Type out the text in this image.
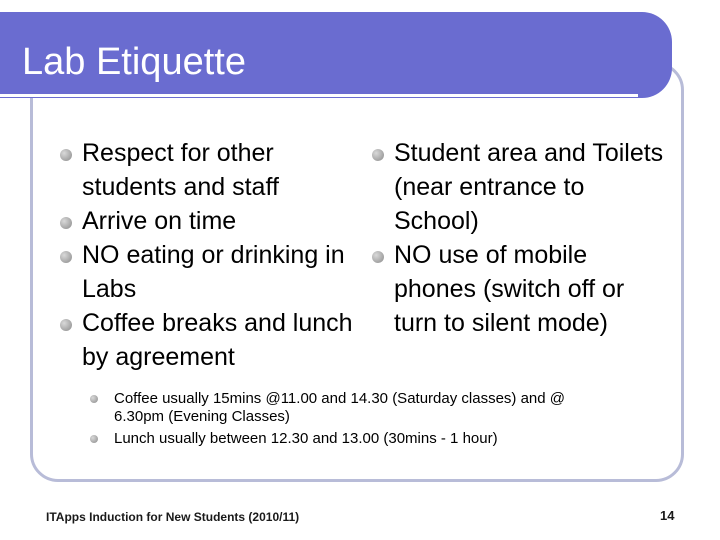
Lab Etiquette
Respect for other students and staff
Arrive on time
NO eating or drinking in Labs
Coffee breaks and lunch by agreement
Student area and Toilets (near entrance to School)
NO use of mobile phones (switch off or turn to silent mode)
Coffee usually 15mins @11.00 and 14.30 (Saturday classes) and @ 6.30pm (Evening Classes)
Lunch usually between 12.30 and 13.00 (30mins - 1 hour)
ITApps Induction for New Students (2010/11)	14
